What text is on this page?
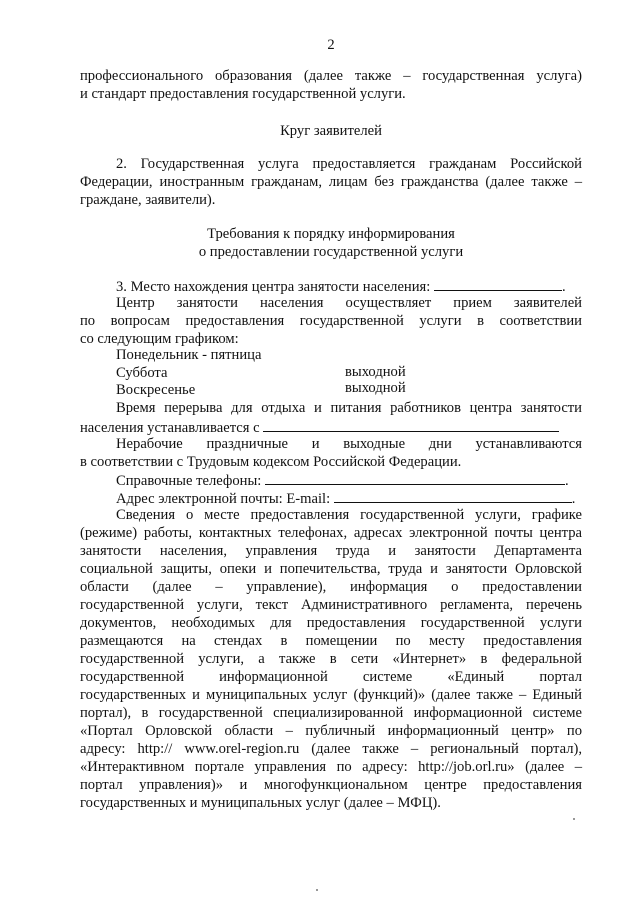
2
профессионального образования (далее также – государственная услуга)
и стандарт предоставления государственной услуги.
Круг заявителей
2. Государственная услуга предоставляется гражданам Российской
Федерации, иностранным гражданам, лицам без гражданства (далее также –
граждане, заявители).
Требования к порядку информирования
о предоставлении государственной услуги
3. Место нахождения центра занятости населения:	.
Центр занятости населения осуществляет прием заявителей
по вопросам предоставления государственной услуги в соответствии
со следующим графиком:
Понедельник - пятница
Суббота	выходной
Воскресенье	выходной
Время перерыва для отдыха и питания работников центра занятости
населения устанавливается с
Нерабочие праздничные и выходные дни устанавливаются
в соответствии с Трудовым кодексом Российской Федерации.
Справочные телефоны:	.
Адрес электронной почты: E-mail:	.
Сведения о месте предоставления государственной услуги, графике
(режиме) работы, контактных телефонах, адресах электронной почты центра
занятости населения, управления труда и занятости Департамента
социальной защиты, опеки и попечительства, труда и занятости Орловской
области (далее – управление), информация о предоставлении
государственной услуги, текст Административного регламента, перечень
документов, необходимых для предоставления государственной услуги
размещаются на стендах в помещении по месту предоставления
государственной услуги, а также в сети «Интернет» в федеральной
государственной информационной системе «Единый портал
государственных и муниципальных услуг (функций)» (далее также – Единый
портал), в государственной специализированной информационной системе
«Портал Орловской области – публичный информационный центр» по
адресу: http:// www.orel-region.ru (далее также – региональный портал),
«Интерактивном портале управления по адресу: http://job.orl.ru» (далее –
портал управления)» и многофункциональном центре предоставления
государственных и муниципальных услуг (далее – МФЦ).
